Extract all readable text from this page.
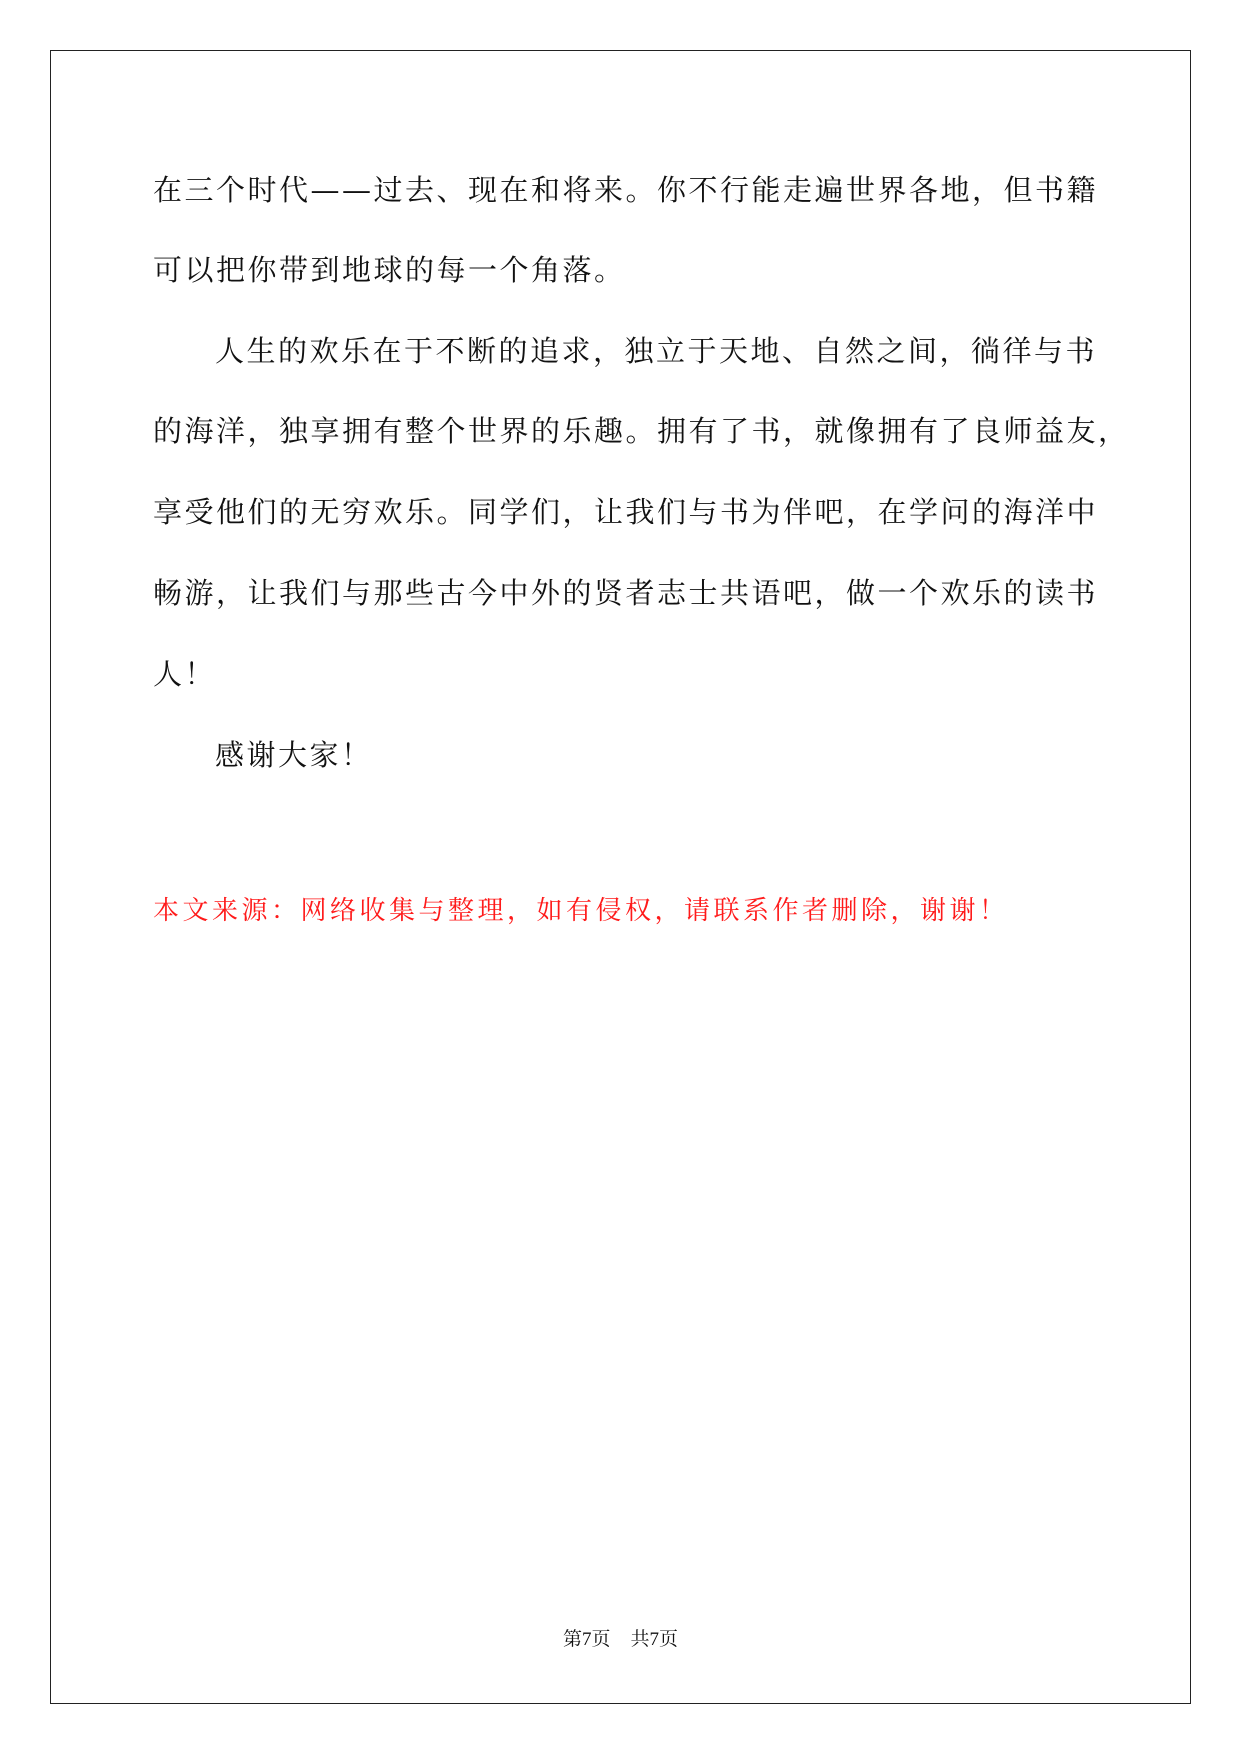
在三个时代——过去、现在和将来。你不行能走遍世界各地，但书籍
可以把你带到地球的每一个角落。
人生的欢乐在于不断的追求，独立于天地、自然之间，徜徉与书
的海洋，独享拥有整个世界的乐趣。拥有了书，就像拥有了良师益友，
享受他们的无穷欢乐。同学们，让我们与书为伴吧，在学问的海洋中
畅游，让我们与那些古今中外的贤者志士共语吧，做一个欢乐的读书
人！
感谢大家！
本文来源：网络收集与整理，如有侵权，请联系作者删除，谢谢！
第7页 共7页
